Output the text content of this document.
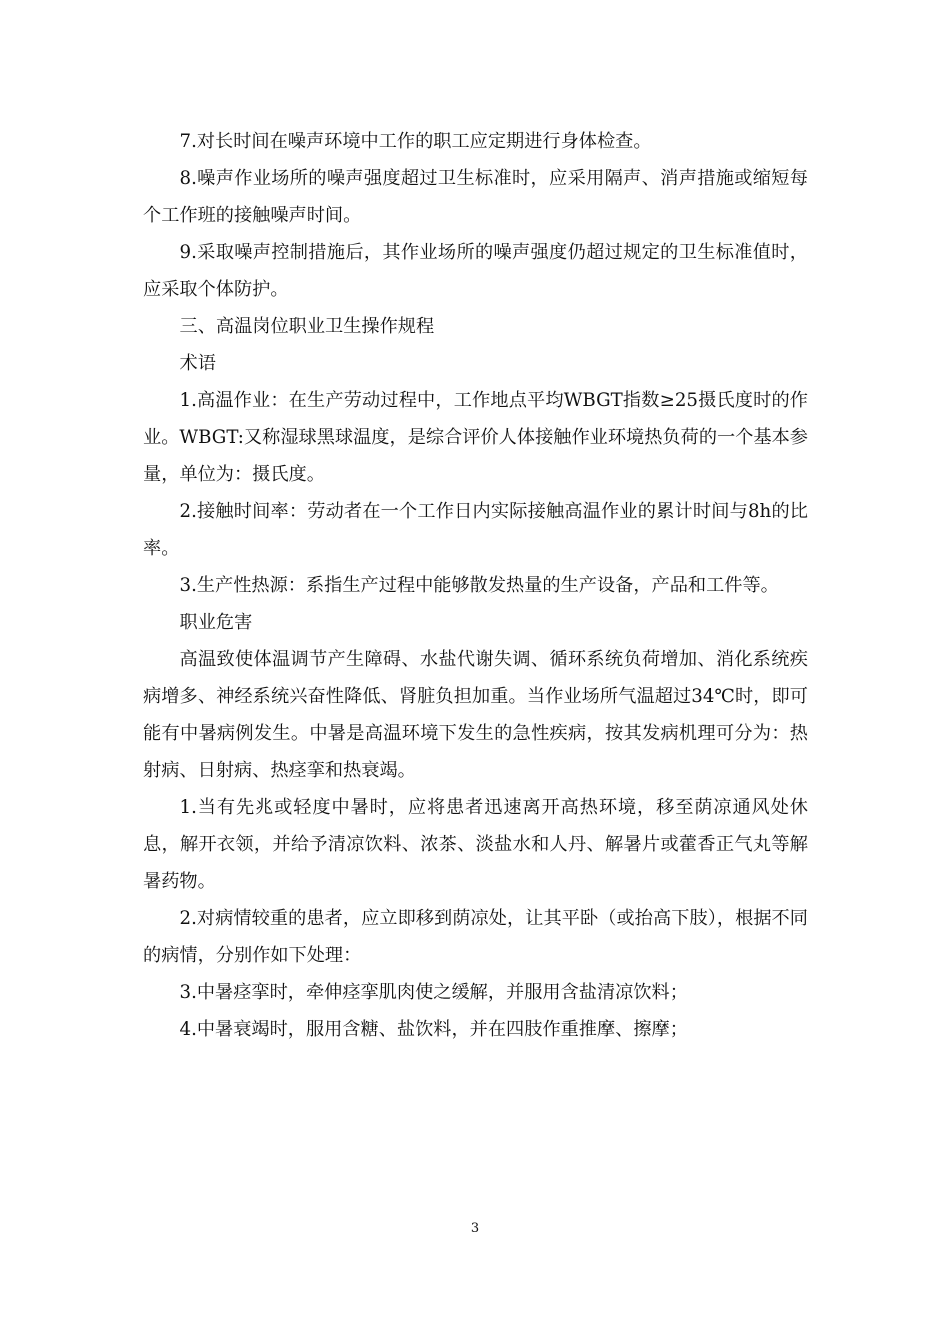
7.对长时间在噪声环境中工作的职工应定期进行身体检查。

8.噪声作业场所的噪声强度超过卫生标准时，应采用隔声、消声措施或缩短每个工作班的接触噪声时间。

9.采取噪声控制措施后，其作业场所的噪声强度仍超过规定的卫生标准值时，应采取个体防护。

三、高温岗位职业卫生操作规程

术语

1.高温作业：在生产劳动过程中，工作地点平均WBGT指数≥25摄氏度时的作业。WBGT:又称湿球黑球温度，是综合评价人体接触作业环境热负荷的一个基本参量，单位为：摄氏度。

2.接触时间率：劳动者在一个工作日内实际接触高温作业的累计时间与8h的比率。

3.生产性热源：系指生产过程中能够散发热量的生产设备，产品和工件等。

职业危害

高温致使体温调节产生障碍、水盐代谢失调、循环系统负荷增加、消化系统疾病增多、神经系统兴奋性降低、肾脏负担加重。当作业场所气温超过34℃时，即可能有中暑病例发生。中暑是高温环境下发生的急性疾病，按其发病机理可分为：热射病、日射病、热痉挛和热衰竭。

1.当有先兆或轻度中暑时，应将患者迅速离开高热环境，移至荫凉通风处休息，解开衣领，并给予清凉饮料、浓茶、淡盐水和人丹、解暑片或藿香正气丸等解暑药物。

2.对病情较重的患者，应立即移到荫凉处，让其平卧（或抬高下肢），根据不同的病情，分别作如下处理：

3.中暑痉挛时，牵伸痉挛肌肉使之缓解，并服用含盐清凉饮料；

4.中暑衰竭时，服用含糖、盐饮料，并在四肢作重推摩、擦摩；

3
